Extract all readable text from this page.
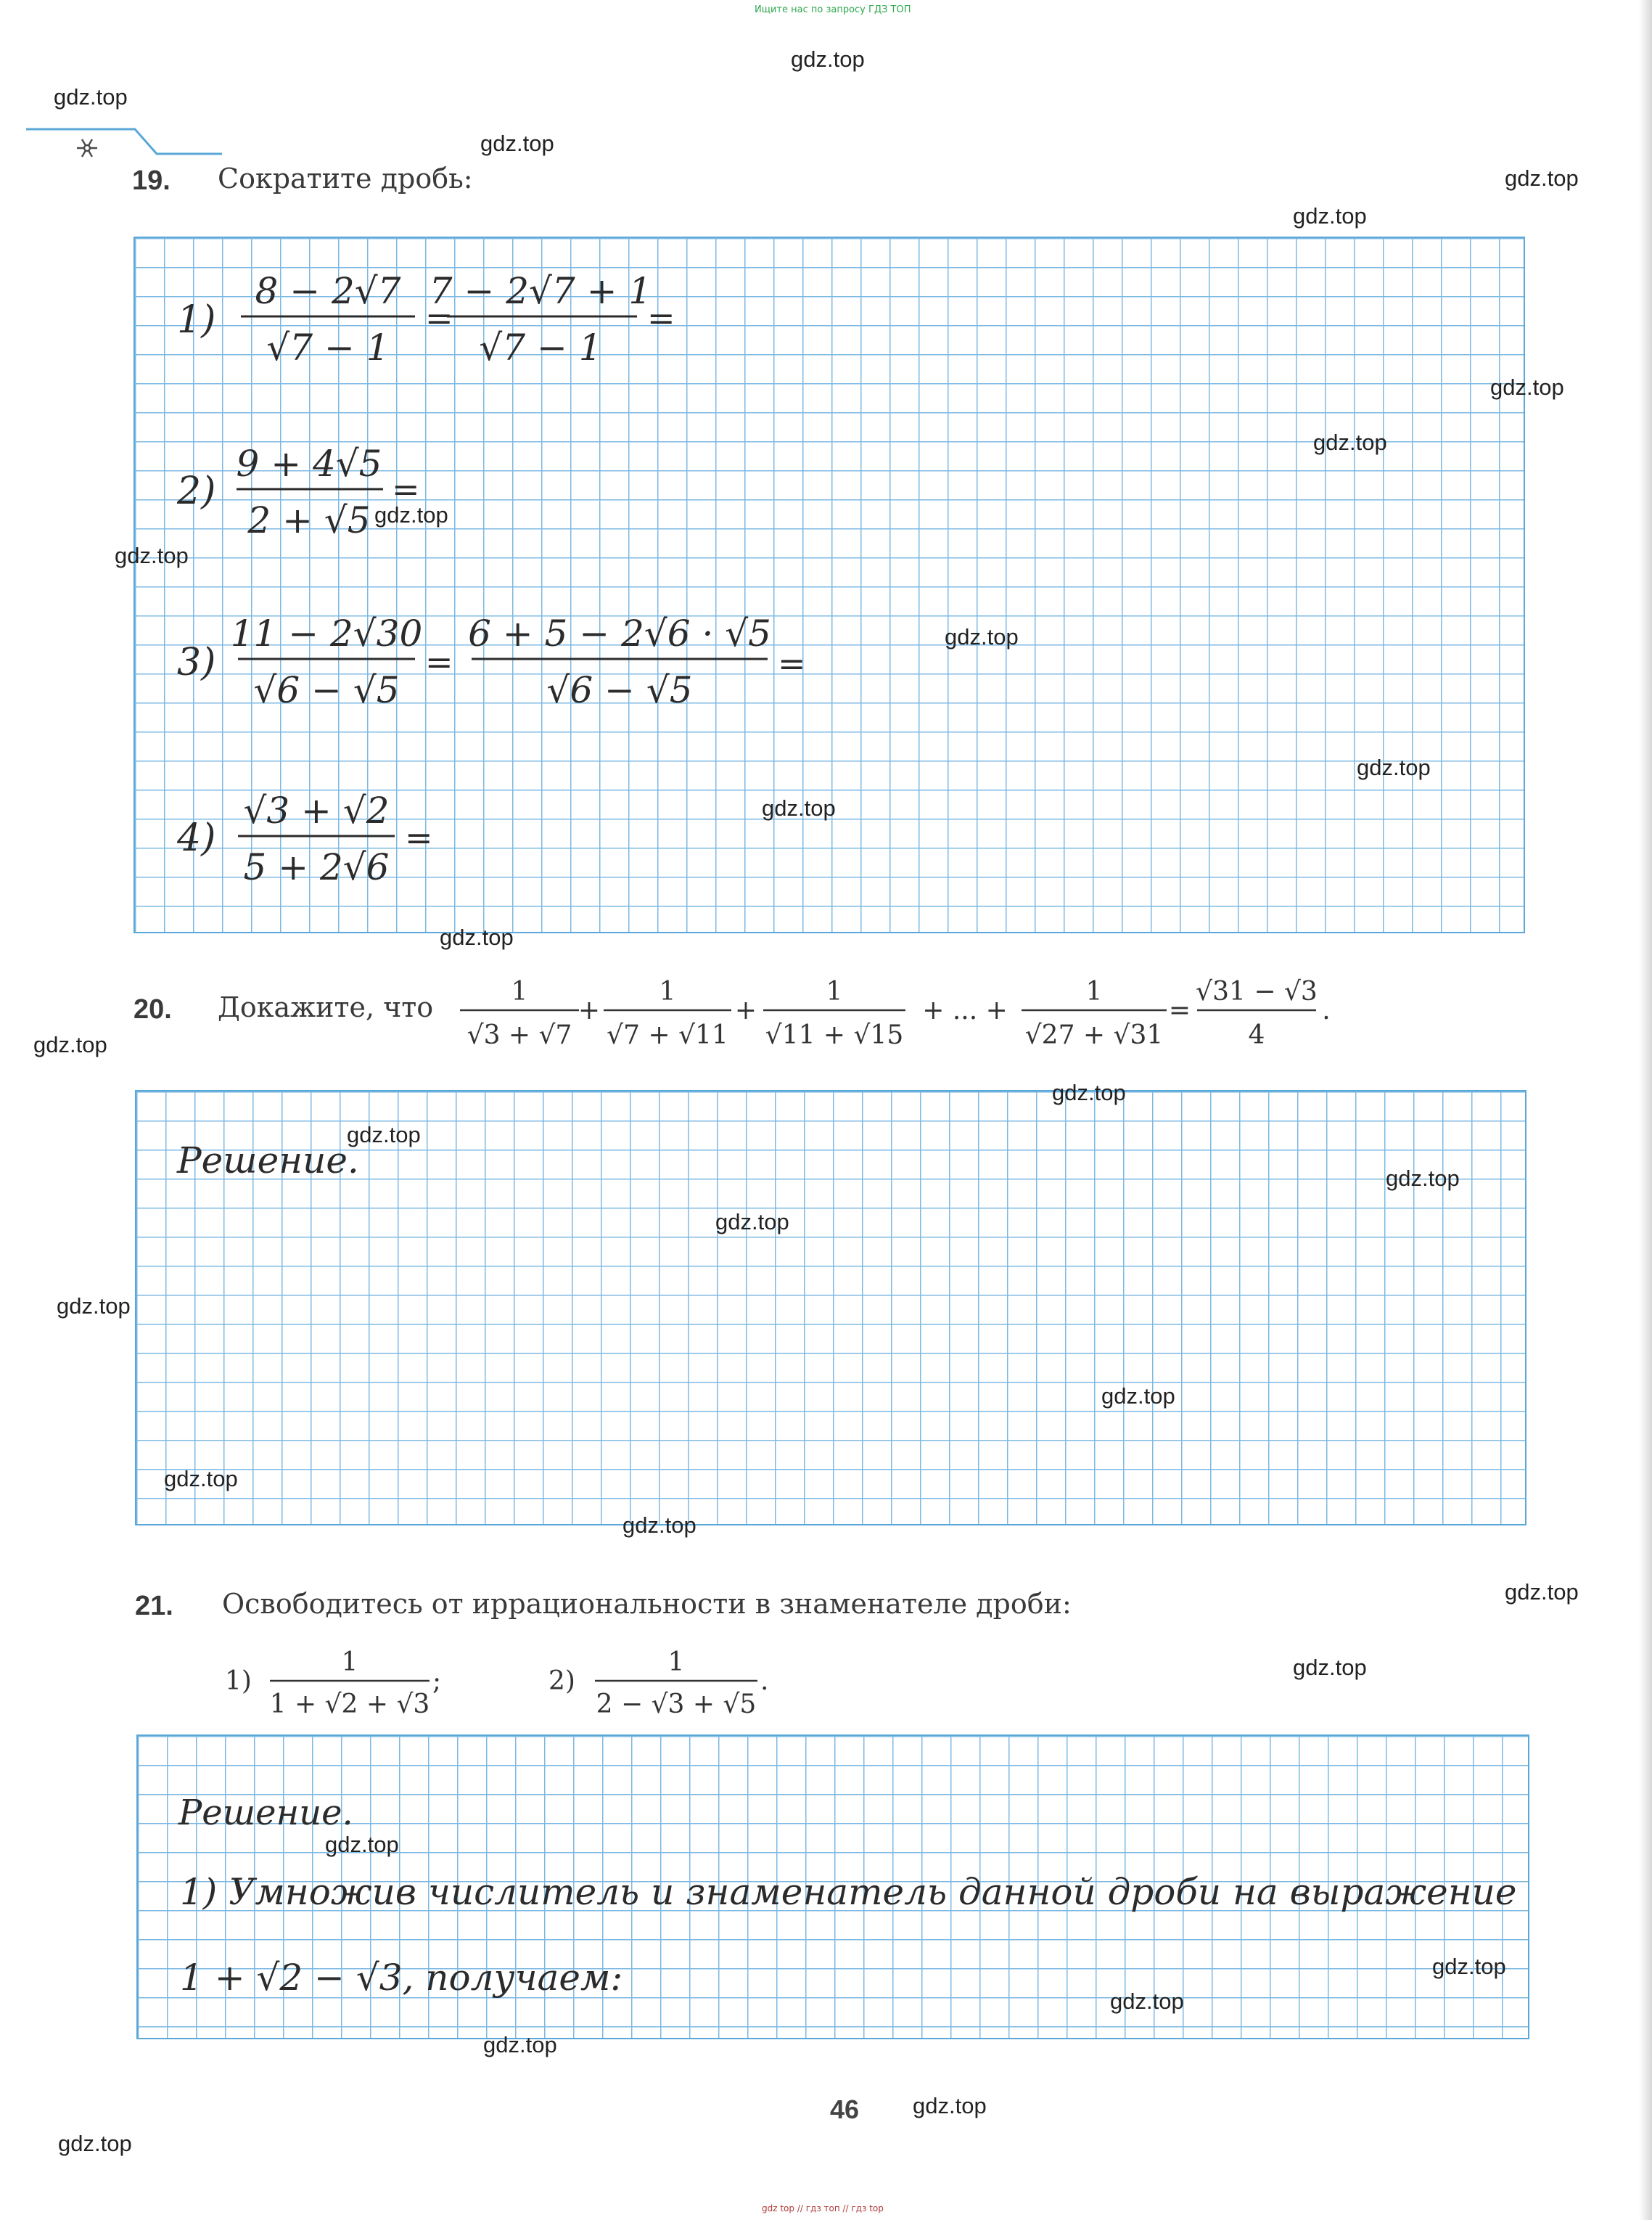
Ищите нас по запросу ГДЗ ТОП
19. Сократите дробь:
1)
8 − 2√7
√7 − 1
=
7 − 2√7 + 1
√7 − 1
=
2)
9 + 4√5
2 + √5
=
3)
11 − 2√30
√6 − √5
=
6 + 5 − 2√6 · √5
√6 − √5
=
4)
√3 + √2
5 + 2√6
=
20. Докажите, что	1
√3 + √7
+
1
√7 + √11
+
1
√11 + √15
+ ... +
1
√27 + √31
=
√31 − √3
4
.
Решение.
21. Освободитесь от иррациональности в знаменателе дроби:
1)
1
1 + √2 + √3
;	2)
1
2 − √3 + √5
.
Решение.
1) Умножив числитель и знаменатель данной дроби на выражение
1 + √2 − √3, получаем:
46
gdz.top
gdz.top
gdz.top
gdz.top
gdz.top
gdz.top
gdz.top
gdz.top
gdz.top
gdz.top
gdz.top
gdz.top
gdz.top
gdz.top
gdz.top
gdz.top
gdz.top
gdz.top
gdz.top
gdz.top
gdz.top
gdz.top
gdz.top
gdz.top
gdz.top
gdz.top
gdz.top
gdz.top
gdz.top
gdz.top
gdz top // гдз топ // гдз top
